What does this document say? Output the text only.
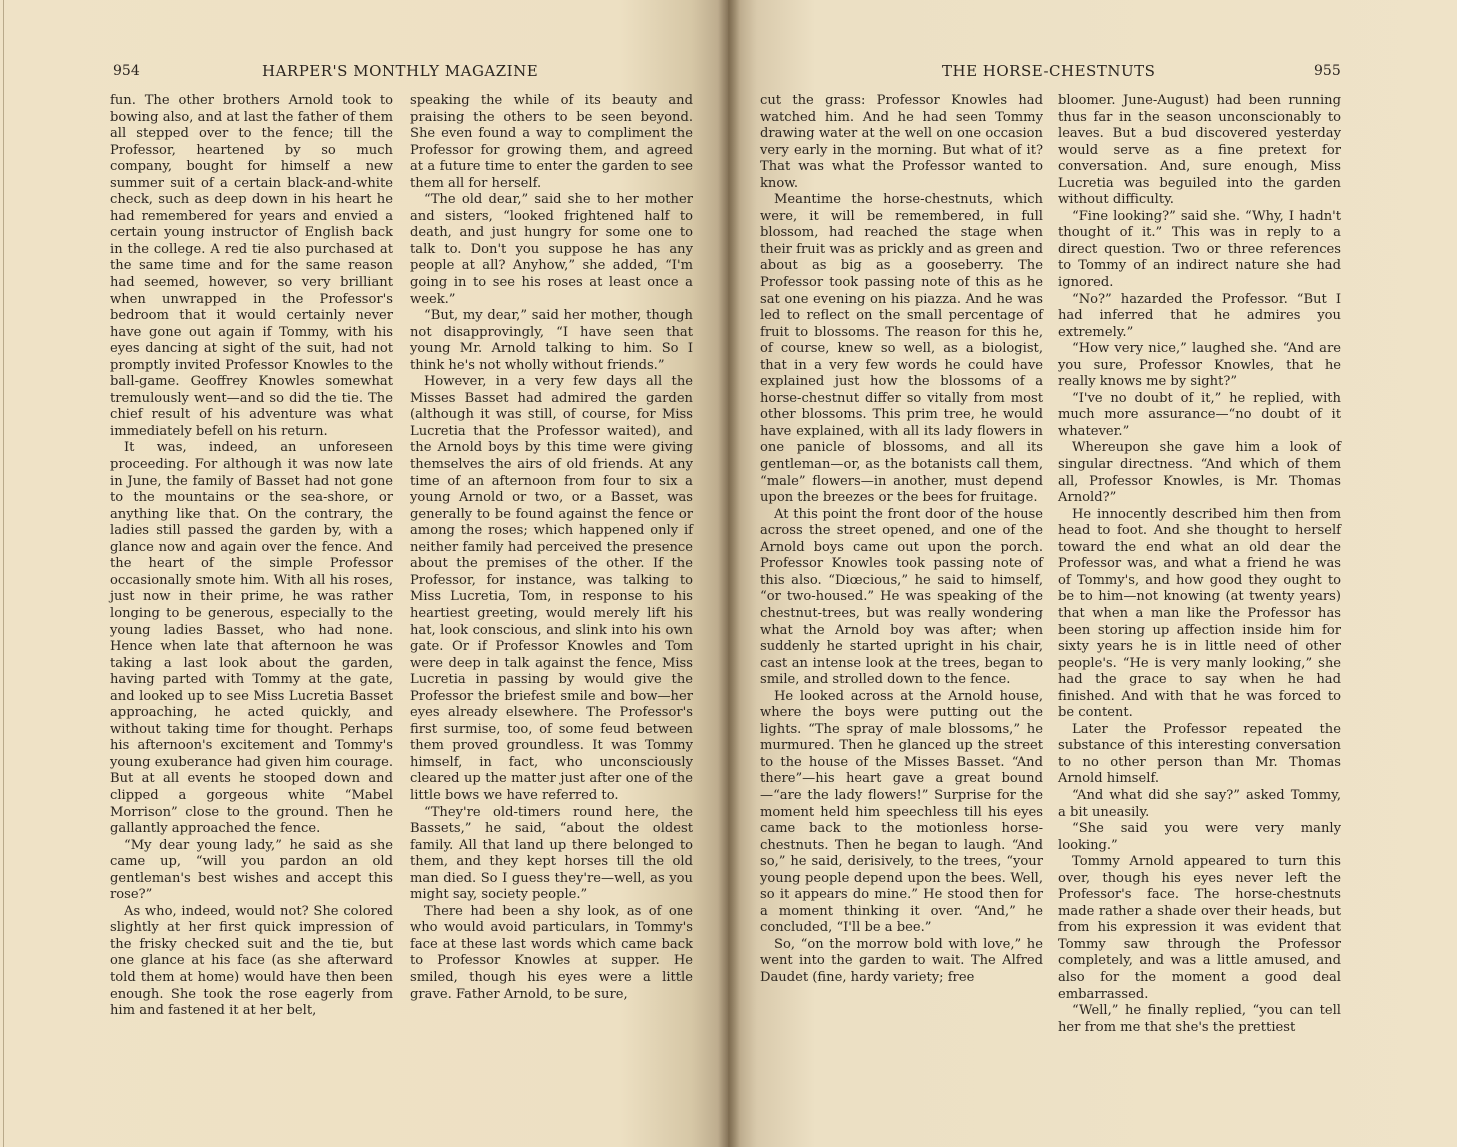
954	HARPER'S MONTHLY MAGAZINE

fun. The other brothers Arnold took to bowing also, and at last the father of them all stepped over to the fence; till the Professor, heartened by so much company, bought for himself a new summer suit of a certain black-and-white check, such as deep down in his heart he had remembered for years and envied a certain young instructor of English back in the college. A red tie also purchased at the same time and for the same reason had seemed, however, so very brilliant when unwrapped in the Professor's bedroom that it would certainly never have gone out again if Tommy, with his eyes dancing at sight of the suit, had not promptly invited Professor Knowles to the ball-game. Geoffrey Knowles somewhat tremulously went—and so did the tie. The chief result of his adventure was what immediately befell on his return.

It was, indeed, an unforeseen proceeding. For although it was now late in June, the family of Basset had not gone to the mountains or the sea-shore, or anything like that. On the contrary, the ladies still passed the garden by, with a glance now and again over the fence. And the heart of the simple Professor occasionally smote him. With all his roses, just now in their prime, he was rather longing to be generous, especially to the young ladies Basset, who had none. Hence when late that afternoon he was taking a last look about the garden, having parted with Tommy at the gate, and looked up to see Miss Lucretia Basset approaching, he acted quickly, and without taking time for thought. Perhaps his afternoon's excitement and Tommy's young exuberance had given him courage. But at all events he stooped down and clipped a gorgeous white “Mabel Morrison” close to the ground. Then he gallantly approached the fence.

“My dear young lady,” he said as she came up, “will you pardon an old gentleman's best wishes and accept this rose?”

As who, indeed, would not? She colored slightly at her first quick impression of the frisky checked suit and the tie, but one glance at his face (as she afterward told them at home) would have then been enough. She took the rose eagerly from him and fastened it at her belt,

speaking the while of its beauty and praising the others to be seen beyond. She even found a way to compliment the Professor for growing them, and agreed at a future time to enter the garden to see them all for herself.

“The old dear,” said she to her mother and sisters, “looked frightened half to death, and just hungry for some one to talk to. Don't you suppose he has any people at all? Anyhow,” she added, “I'm going in to see his roses at least once a week.”

“But, my dear,” said her mother, though not disapprovingly, “I have seen that young Mr. Arnold talking to him. So I think he's not wholly without friends.”

However, in a very few days all the Misses Basset had admired the garden (although it was still, of course, for Miss Lucretia that the Professor waited), and the Arnold boys by this time were giving themselves the airs of old friends. At any time of an afternoon from four to six a young Arnold or two, or a Basset, was generally to be found against the fence or among the roses; which happened only if neither family had perceived the presence about the premises of the other. If the Professor, for instance, was talking to Miss Lucretia, Tom, in response to his heartiest greeting, would merely lift his hat, look conscious, and slink into his own gate. Or if Professor Knowles and Tom were deep in talk against the fence, Miss Lucretia in passing by would give the Professor the briefest smile and bow—her eyes already elsewhere. The Professor's first surmise, too, of some feud between them proved groundless. It was Tommy himself, in fact, who unconsciously cleared up the matter just after one of the little bows we have referred to.

“They're old-timers round here, the Bassets,” he said, “about the oldest family. All that land up there belonged to them, and they kept horses till the old man died. So I guess they're—well, as you might say, society people.”

There had been a shy look, as of one who would avoid particulars, in Tommy's face at these last words which came back to Professor Knowles at supper. He smiled, though his eyes were a little grave. Father Arnold, to be sure,

THE HORSE-CHESTNUTS	955

cut the grass: Professor Knowles had watched him. And he had seen Tommy drawing water at the well on one occasion very early in the morning. But what of it? That was what the Professor wanted to know.

Meantime the horse-chestnuts, which were, it will be remembered, in full blossom, had reached the stage when their fruit was as prickly and as green and about as big as a gooseberry. The Professor took passing note of this as he sat one evening on his piazza. And he was led to reflect on the small percentage of fruit to blossoms. The reason for this he, of course, knew so well, as a biologist, that in a very few words he could have explained just how the blossoms of a horse-chestnut differ so vitally from most other blossoms. This prim tree, he would have explained, with all its lady flowers in one panicle of blossoms, and all its gentleman—or, as the botanists call them, “male” flowers—in another, must depend upon the breezes or the bees for fruitage.

At this point the front door of the house across the street opened, and one of the Arnold boys came out upon the porch. Professor Knowles took passing note of this also. “Diœcious,” he said to himself, “or two-housed.” He was speaking of the chestnut-trees, but was really wondering what the Arnold boy was after; when suddenly he started upright in his chair, cast an intense look at the trees, began to smile, and strolled down to the fence.

He looked across at the Arnold house, where the boys were putting out the lights. “The spray of male blossoms,” he murmured. Then he glanced up the street to the house of the Misses Basset. “And there”—his heart gave a great bound—“are the lady flowers!” Surprise for the moment held him speechless till his eyes came back to the motionless horse-chestnuts. Then he began to laugh. “And so,” he said, derisively, to the trees, “your young people depend upon the bees. Well, so it appears do mine.” He stood then for a moment thinking it over. “And,” he concluded, “I'll be a bee.”

So, “on the morrow bold with love,” he went into the garden to wait. The Alfred Daudet (fine, hardy variety; free

bloomer. June-August) had been running thus far in the season unconscionably to leaves. But a bud discovered yesterday would serve as a fine pretext for conversation. And, sure enough, Miss Lucretia was beguiled into the garden without difficulty.

“Fine looking?” said she. “Why, I hadn't thought of it.” This was in reply to a direct question. Two or three references to Tommy of an indirect nature she had ignored.

“No?” hazarded the Professor. “But I had inferred that he admires you extremely.”

“How very nice,” laughed she. “And are you sure, Professor Knowles, that he really knows me by sight?”

“I've no doubt of it,” he replied, with much more assurance—“no doubt of it whatever.”

Whereupon she gave him a look of singular directness. “And which of them all, Professor Knowles, is Mr. Thomas Arnold?”

He innocently described him then from head to foot. And she thought to herself toward the end what an old dear the Professor was, and what a friend he was of Tommy's, and how good they ought to be to him—not knowing (at twenty years) that when a man like the Professor has been storing up affection inside him for sixty years he is in little need of other people's. “He is very manly looking,” she had the grace to say when he had finished. And with that he was forced to be content.

Later the Professor repeated the substance of this interesting conversation to no other person than Mr. Thomas Arnold himself.

“And what did she say?” asked Tommy, a bit uneasily.

“She said you were very manly looking.”

Tommy Arnold appeared to turn this over, though his eyes never left the Professor's face. The horse-chestnuts made rather a shade over their heads, but from his expression it was evident that Tommy saw through the Professor completely, and was a little amused, and also for the moment a good deal embarrassed.

“Well,” he finally replied, “you can tell her from me that she's the prettiest
